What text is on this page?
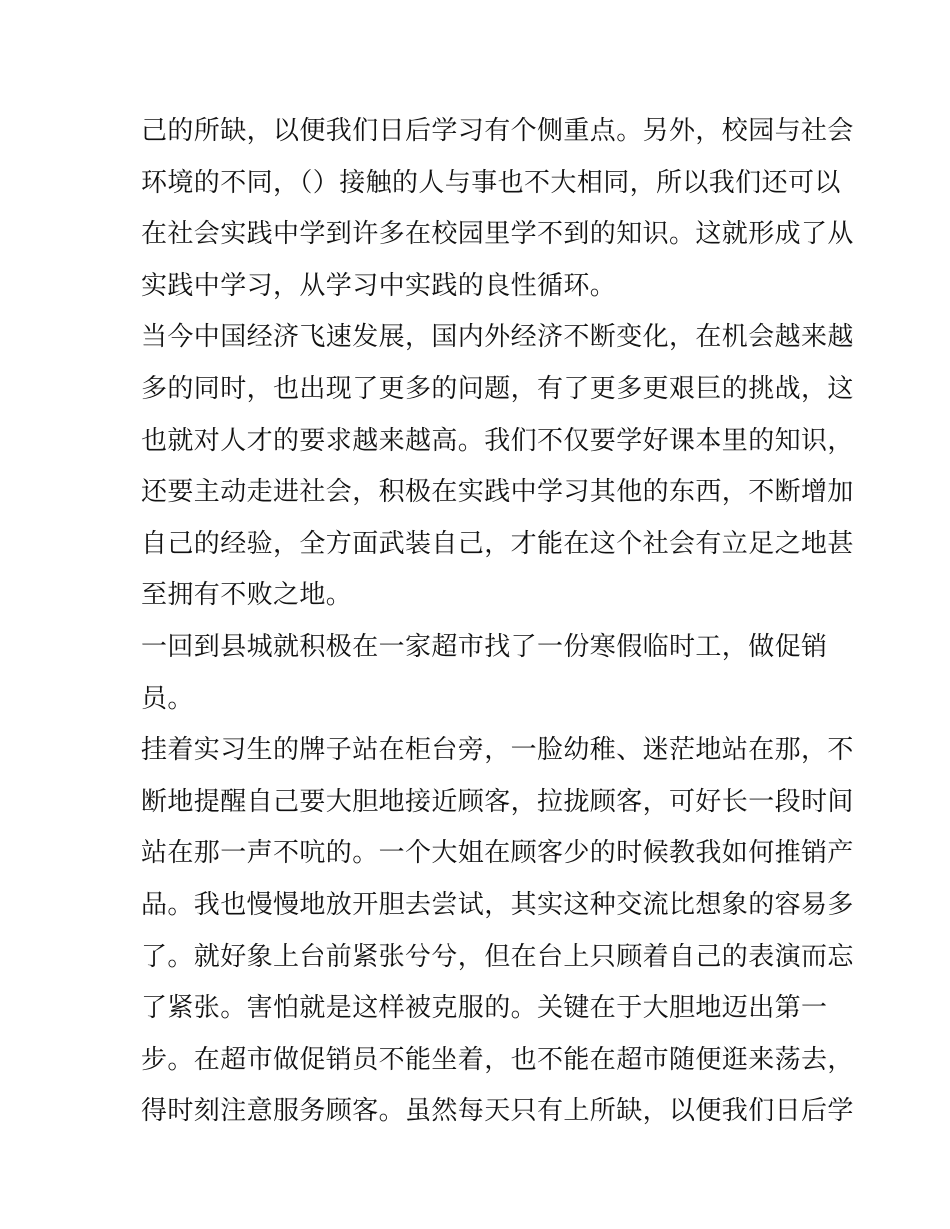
己的所缺，以便我们日后学习有个侧重点。另外，校园与社会
环境的不同，（）接触的人与事也不大相同，所以我们还可以
在社会实践中学到许多在校园里学不到的知识。这就形成了从
实践中学习，从学习中实践的良性循环。
当今中国经济飞速发展，国内外经济不断变化，在机会越来越
多的同时，也出现了更多的问题，有了更多更艰巨的挑战，这
也就对人才的要求越来越高。我们不仅要学好课本里的知识，
还要主动走进社会，积极在实践中学习其他的东西，不断增加
自己的经验，全方面武装自己，才能在这个社会有立足之地甚
至拥有不败之地。
一回到县城就积极在一家超市找了一份寒假临时工，做促销
员。
挂着实习生的牌子站在柜台旁，一脸幼稚、迷茫地站在那，不
断地提醒自己要大胆地接近顾客，拉拢顾客，可好长一段时间
站在那一声不吭的。一个大姐在顾客少的时候教我如何推销产
品。我也慢慢地放开胆去尝试，其实这种交流比想象的容易多
了。就好象上台前紧张兮兮，但在台上只顾着自己的表演而忘
了紧张。害怕就是这样被克服的。关键在于大胆地迈出第一
步。在超市做促销员不能坐着，也不能在超市随便逛来荡去，
得时刻注意服务顾客。虽然每天只有上所缺，以便我们日后学
